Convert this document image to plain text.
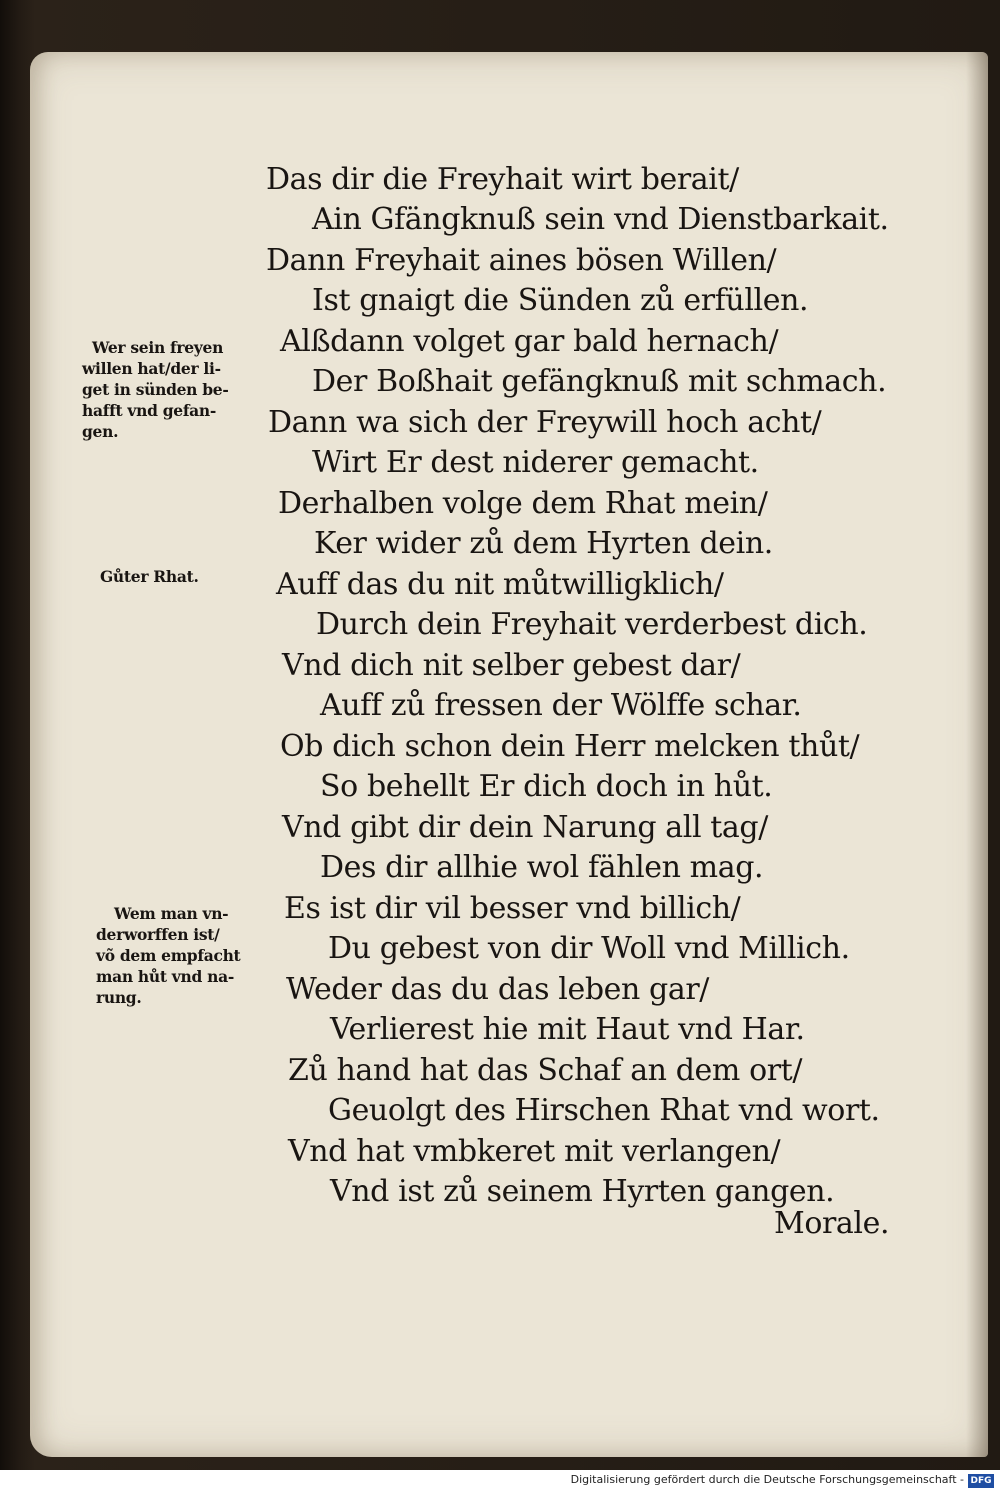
Das dir die Freyhait wirt berait/
Ain Gfängknuß sein vnd Dienstbarkait.
Dann Freyhait aines bösen Willen/
Ist gnaigt die Sünden zů erfüllen.
Alßdann volget gar bald hernach/
Der Boßhait gefängknuß mit schmach.
Dann wa sich der Freywill hoch acht/
Wirt Er dest niderer gemacht.
Derhalben volge dem Rhat mein/
Ker wider zů dem Hyrten dein.
Auff das du nit můtwilligklich/
Durch dein Freyhait verderbest dich.
Vnd dich nit selber gebest dar/
Auff zů fressen der Wölffe schar.
Ob dich schon dein Herr melcken thůt/
So behellt Er dich doch in hůt.
Vnd gibt dir dein Narung all tag/
Des dir allhie wol fählen mag.
Es ist dir vil besser vnd billich/
Du gebest von dir Woll vnd Millich.
Weder das du das leben gar/
Verlierest hie mit Haut vnd Har.
Zů hand hat das Schaf an dem ort/
Geuolgt des Hirschen Rhat vnd wort.
Vnd hat vmbkeret mit verlangen/
Vnd ist zů seinem Hyrten gangen.
Morale.
Wer sein freyen
willen hat/der li-
get in sünden be-
hafft vnd gefan-
gen.
Gůter Rhat.
Wem man vn-
derworffen ist/
võ dem empfacht
man hůt vnd na-
rung.
Digitalisierung gefördert durch die Deutsche Forschungsgemeinschaft - DFG
